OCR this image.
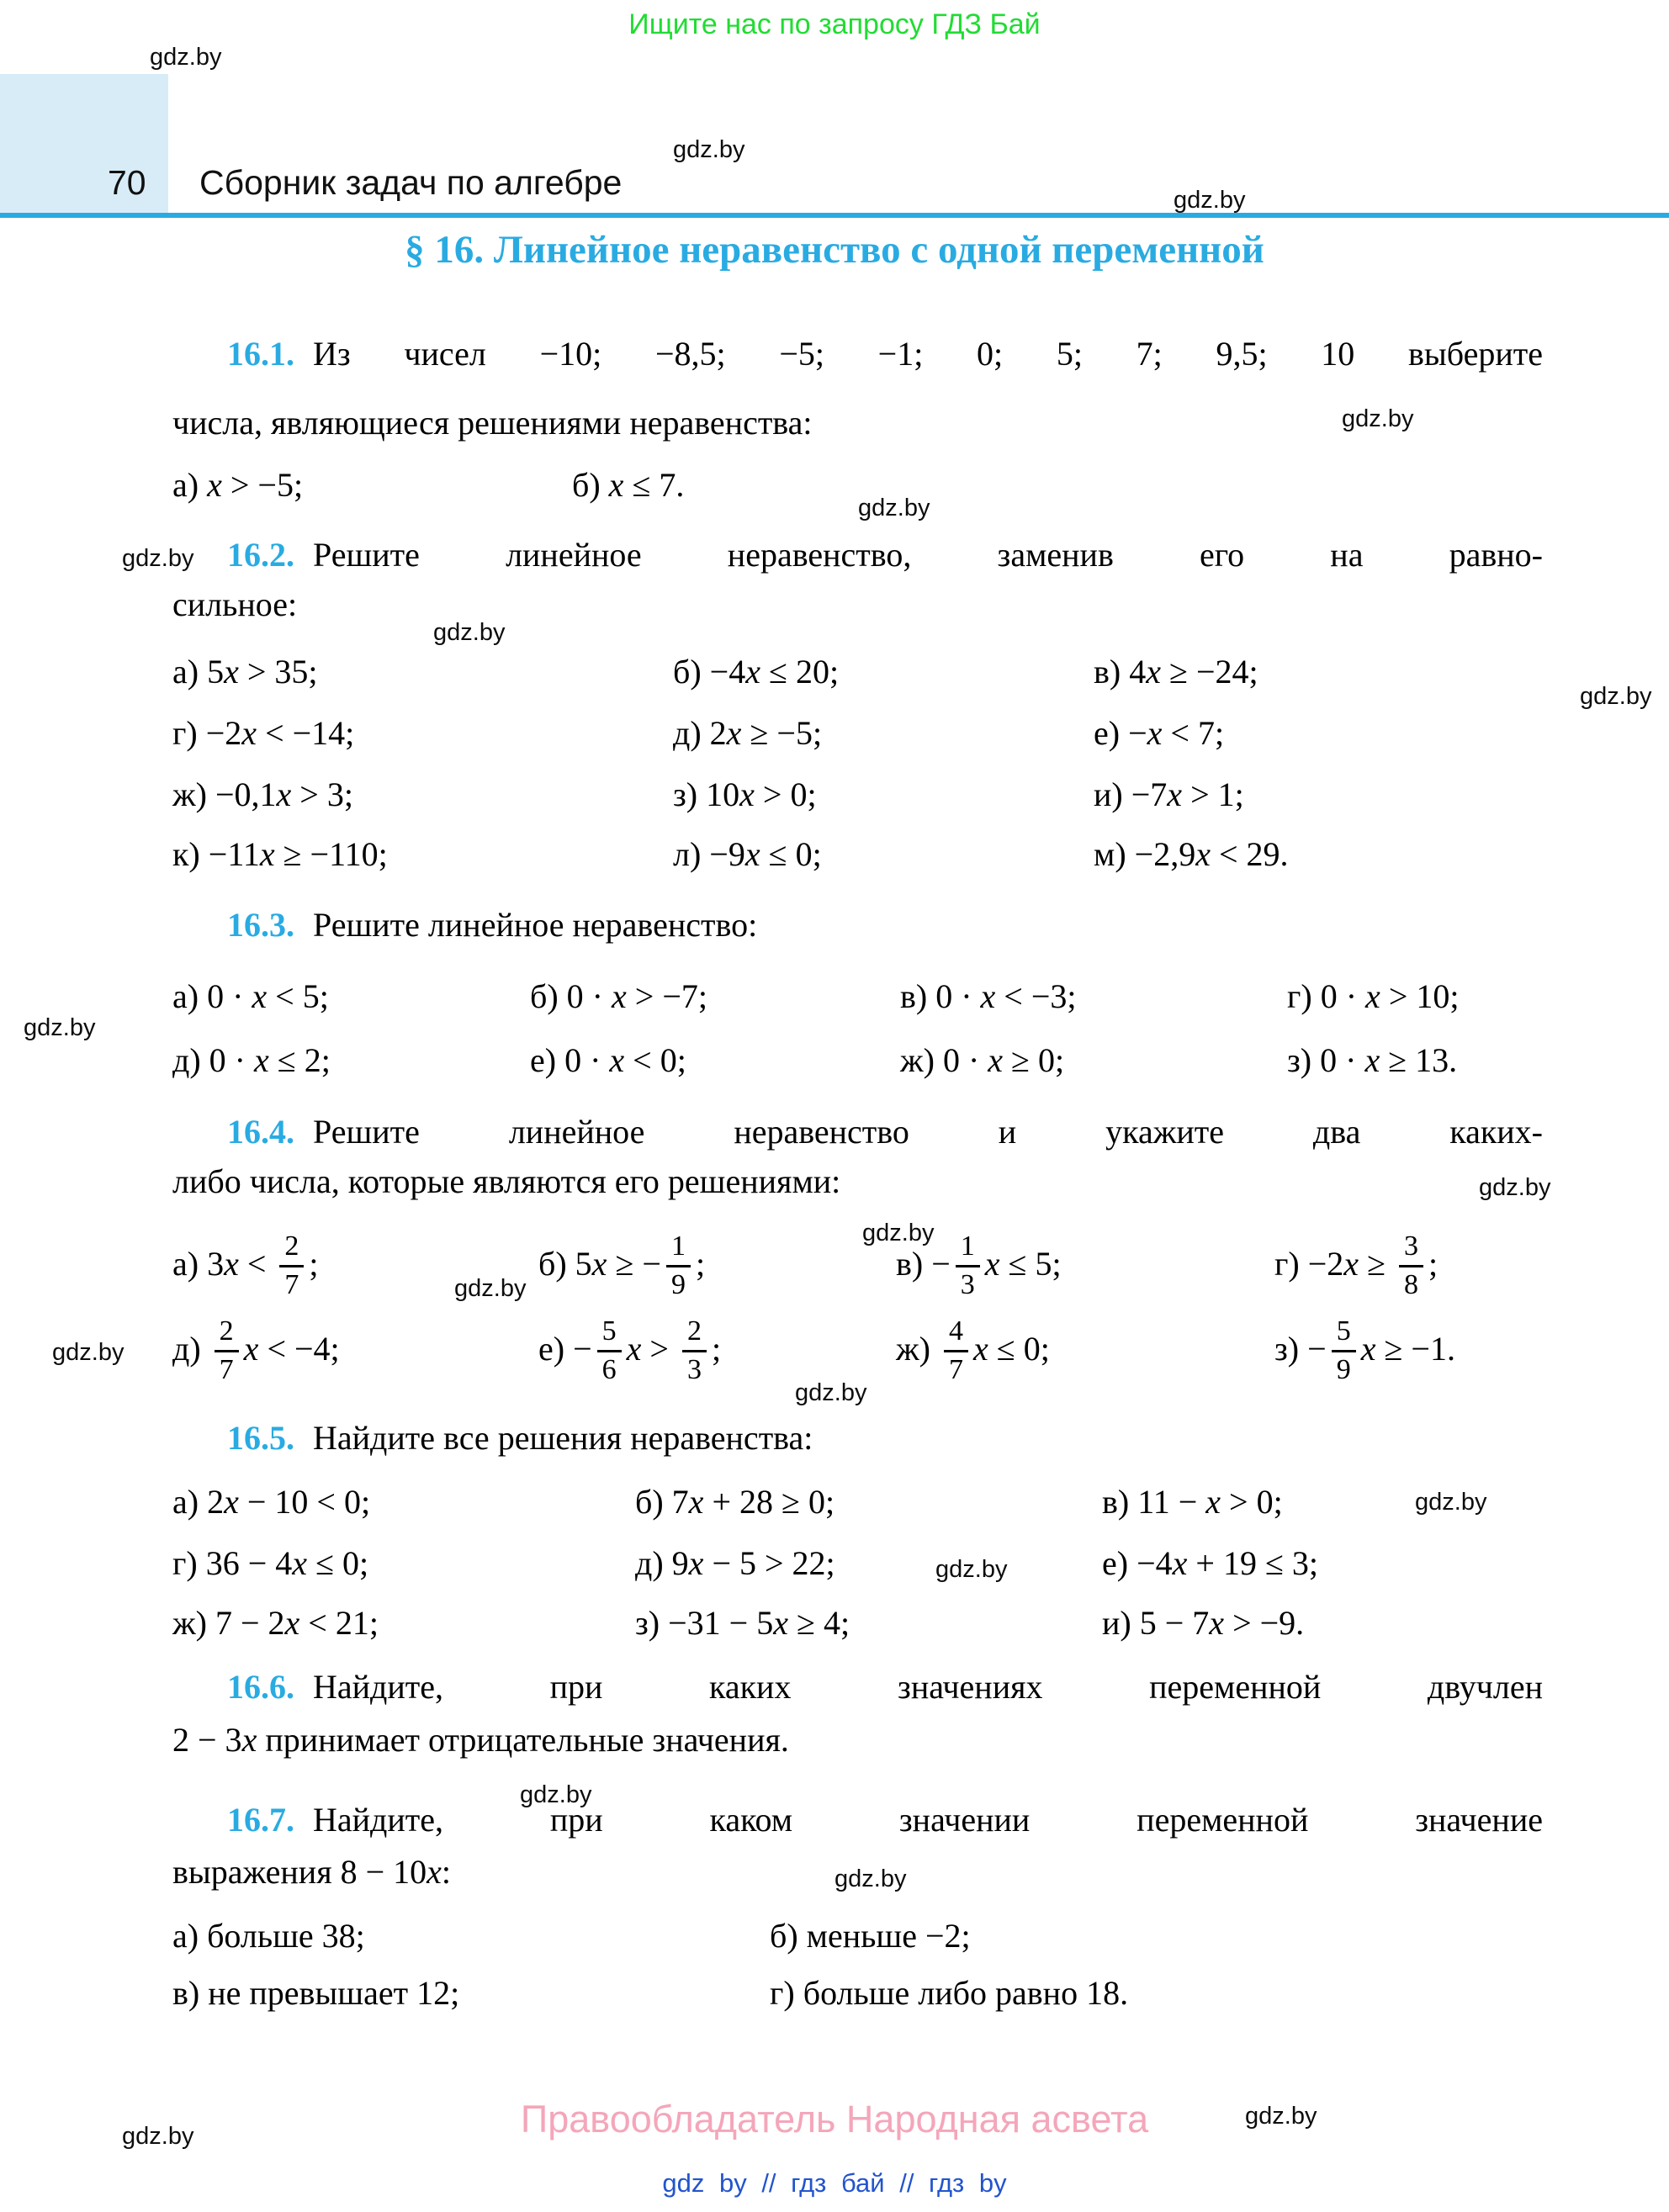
Ищите нас по запросу ГДЗ Бай
70 Сборник задач по алгебре
§ 16. Линейное неравенство с одной переменной
16.1. Из чисел −10; −8,5; −5; −1; 0; 5; 7; 9,5; 10 выберите
числа, являющиеся решениями неравенства:
а) x > −5;	б) x ≤ 7.
16.2. Решите линейное неравенство, заменив его на равно-
сильное:
а) 5x > 35;	б) −4x ≤ 20;	в) 4x ≥ −24;
г) −2x < −14;	д) 2x ≥ −5;	е) −x < 7;
ж) −0,1x > 3;	з) 10x > 0;	и) −7x > 1;
к) −11x ≥ −110;	л) −9x ≤ 0;	м) −2,9x < 29.
16.3. Решите линейное неравенство:
а) 0 · x < 5;	б) 0 · x > −7;	в) 0 · x < −3;	г) 0 · x > 10;
д) 0 · x ≤ 2;	е) 0 · x < 0;	ж) 0 · x ≥ 0;	з) 0 · x ≥ 13.
16.4. Решите линейное неравенство и укажите два каких-
либо числа, которые являются его решениями:
а) $3x < \frac{2}{7}$ ;	б) 5x ≥ − $\frac{1}{9}$ ;	$в) - \frac{1}{3}$ x ≤ 5;	$г) -2x \ge \frac{3}{8}$ ;
$д) \frac{2}{7}$ x < −4;	$е) - \frac{5}{6}$ $x > \frac{2}{3}$ ;	$ж) \frac{4}{7}$ x ≤ 0;	$з) - \frac{5}{9}$ x ≥ −1.
16.5. Найдите все решения неравенства:
а) 2x − 10 < 0;	б) 7x + 28 ≥ 0;	в) 11 − x > 0;
г) 36 − 4x ≤ 0;	д) 9x − 5 > 22;	е) −4x + 19 ≤ 3;
ж) 7 − 2x < 21;	з) −31 − 5x ≥ 4;	и) 5 − 7x > −9.
16.6. Найдите, при каких значениях переменной двучлен
2 − 3x принимает отрицательные значения.
16.7. Найдите, при каком значении переменной значение
выражения 8 − 10x:
а) больше 38;	б) меньше −2;
в) не превышает 12;	г) больше либо равно 18.
Правообладатель Народная асвета
gdz by // гдз бай // гдз by
gdz.by
gdz.by
gdz.by
gdz.by
gdz.by
gdz.by
gdz.by
gdz.by
gdz.by
gdz.by
gdz.by
gdz.by
gdz.by
gdz.by
gdz.by
gdz.by
gdz.by
gdz.by
gdz.by
gdz.by
